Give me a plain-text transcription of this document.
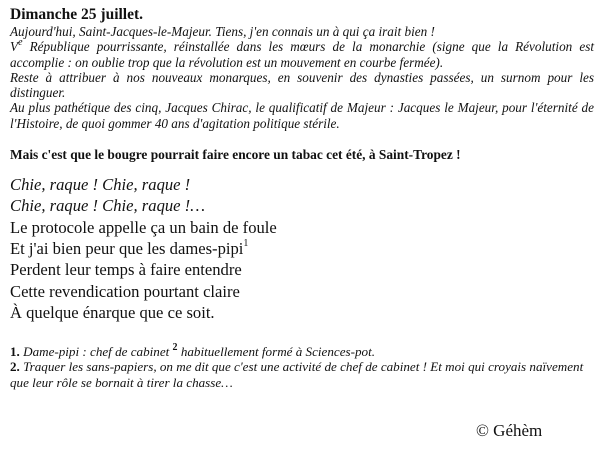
Dimanche 25 juillet.

Aujourd'hui, Saint-Jacques-le-Majeur. Tiens, j'en connais un à qui ça irait bien !

Ve République pourrissante, réinstallée dans les mœurs de la monarchie (signe que la Révolution est accomplie : on oublie trop que la révolution est un mouvement en courbe fermée).

Reste à attribuer à nos nouveaux monarques, en souvenir des dynasties passées, un surnom pour les distinguer.

Au plus pathétique des cinq, Jacques Chirac, le qualificatif de Majeur : Jacques le Majeur, pour l'éternité de l'Histoire, de quoi gommer 40 ans d'agitation politique stérile.

Mais c'est que le bougre pourrait faire encore un tabac cet été, à Saint-Tropez !
Chie, raque ! Chie, raque !
Chie, raque ! Chie, raque !…
Le protocole appelle ça un bain de foule
Et j'ai bien peur que les dames-pipi$^1$
Perdent leur temps à faire entendre
Cette revendication pourtant claire
À quelque énarque que ce soit.

1. Dame-pipi : chef de cabinet $^2$ habituellement formé à Sciences-pot.

2. Traquer les sans-papiers, on me dit que c'est une activité de chef de cabinet ! Et moi qui croyais naïvement que leur rôle se bornait à tirer la chasse…

© Géhèm
